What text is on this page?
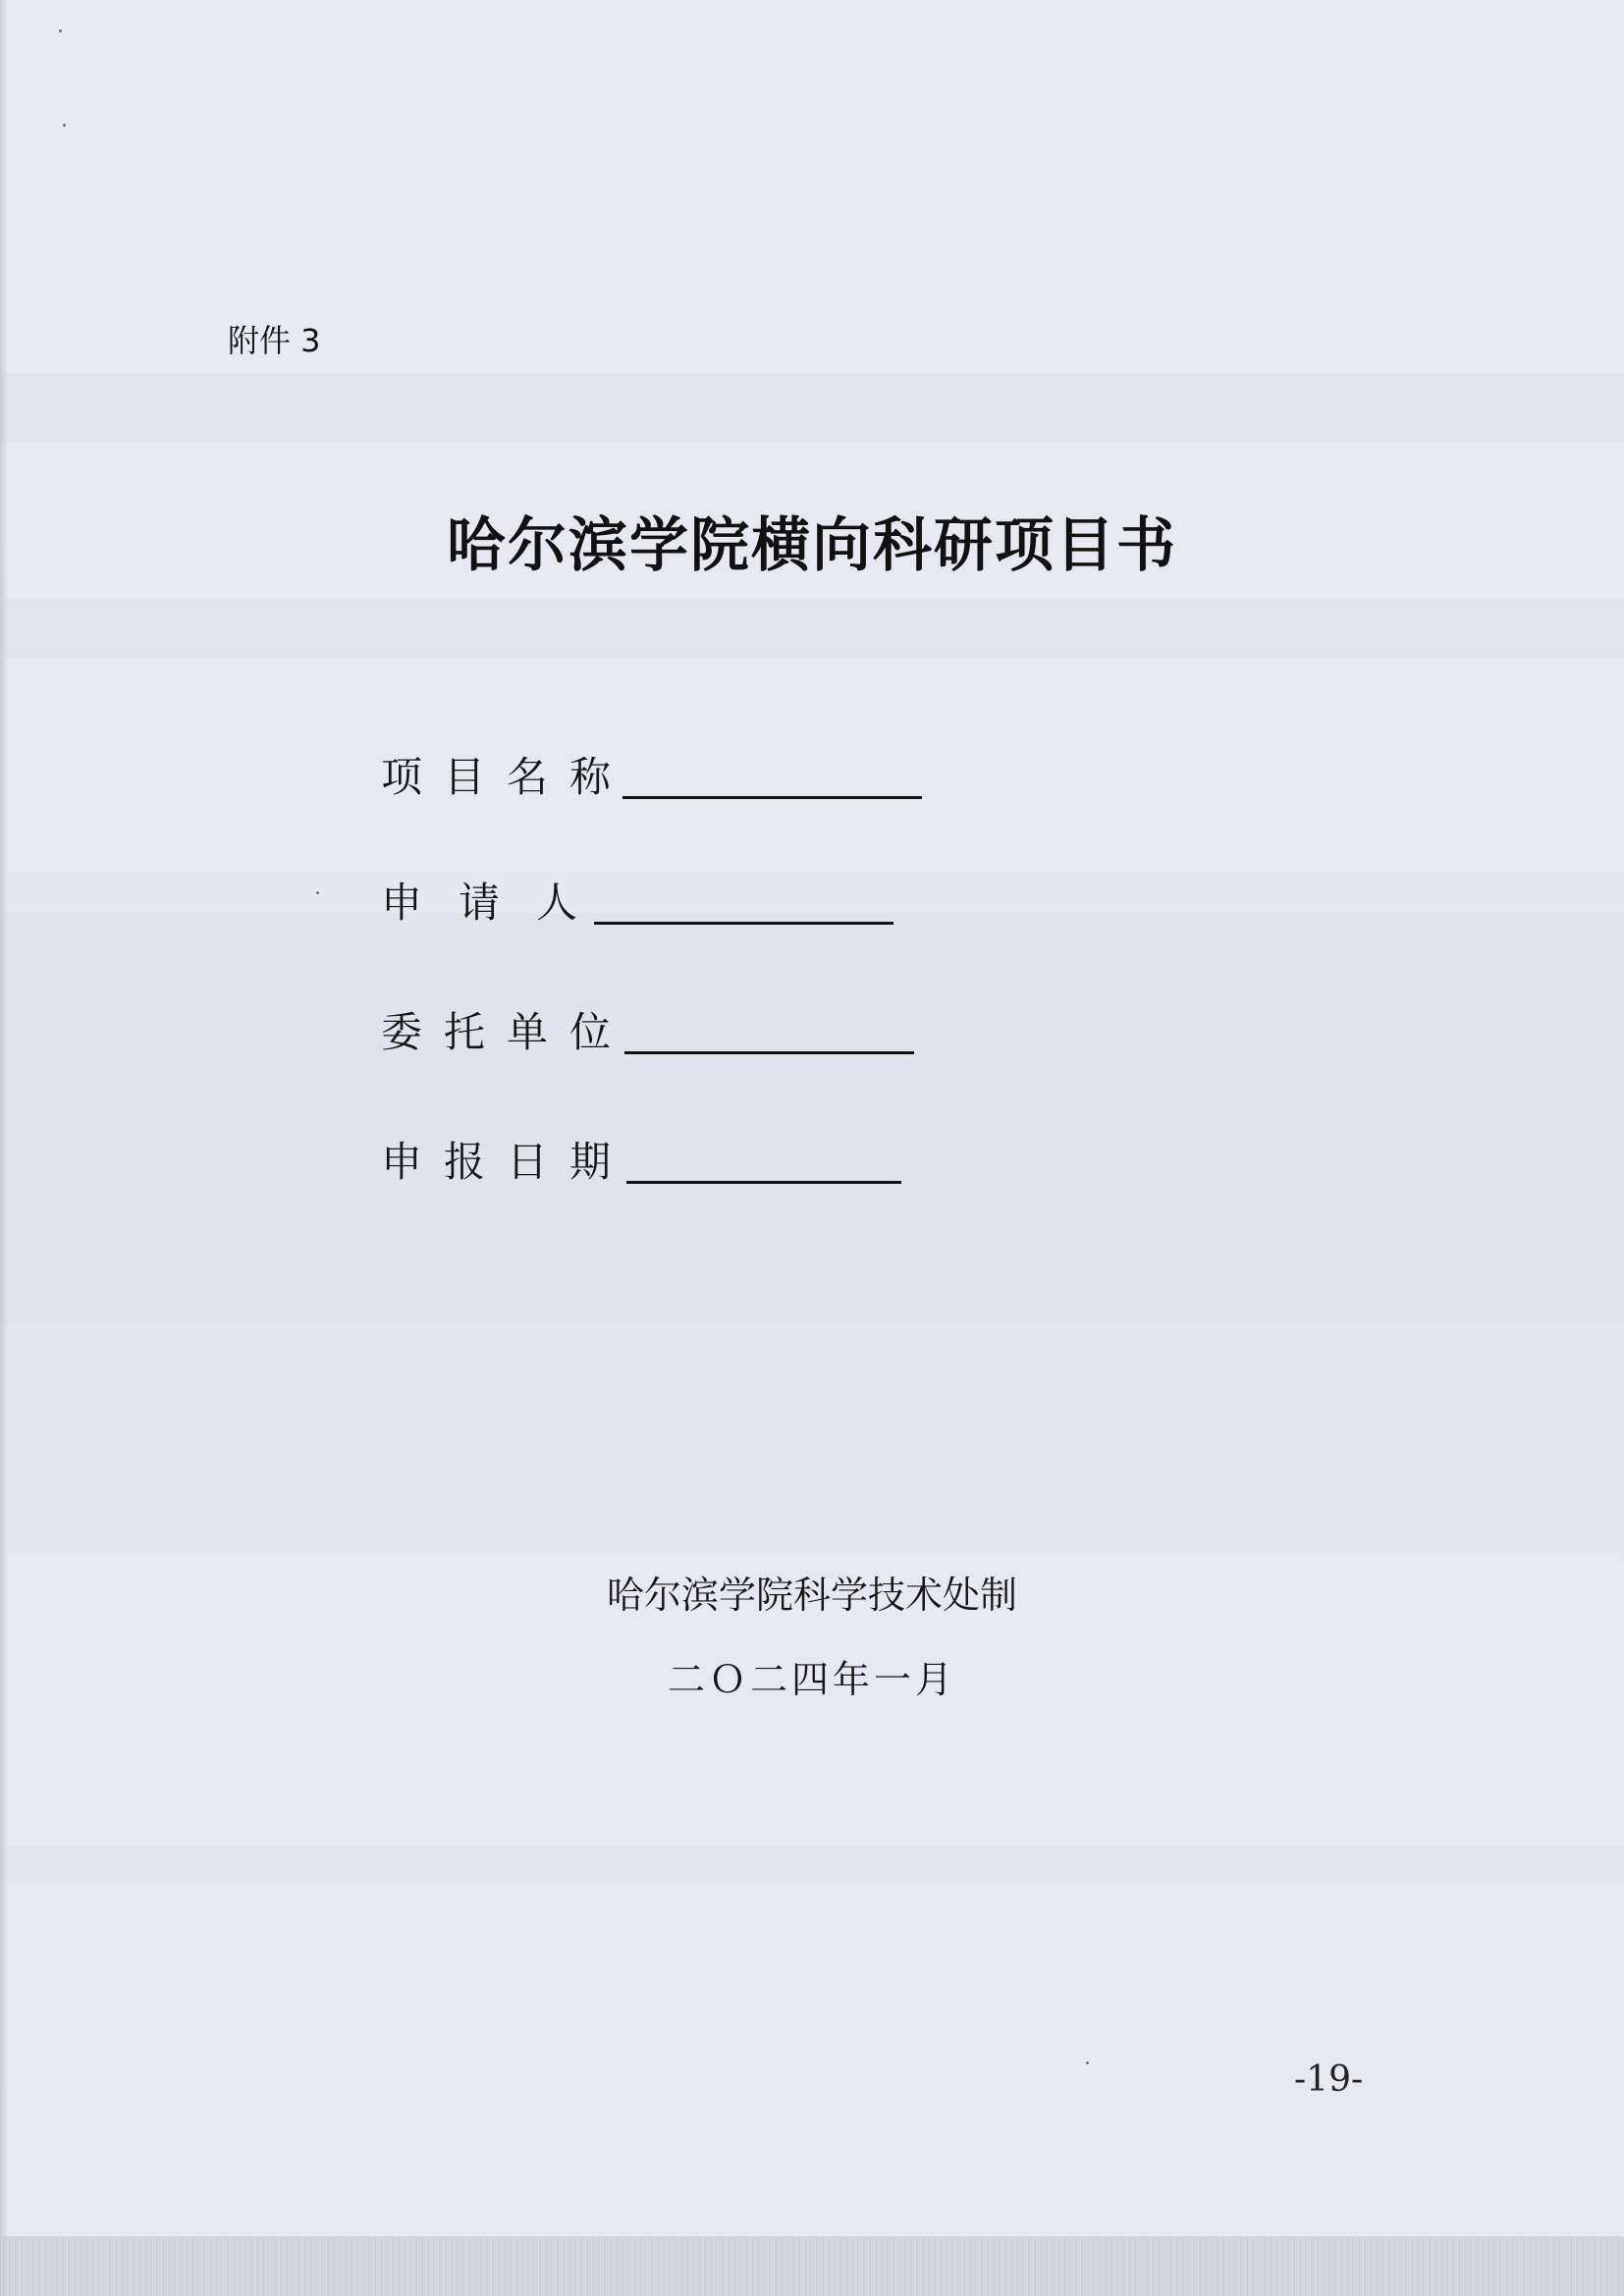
附件 3
哈尔滨学院横向科研项目书
项目名称
申请人
委托单位
申报日期
哈尔滨学院科学技术处制
二Ｏ二四年一月
-19-
